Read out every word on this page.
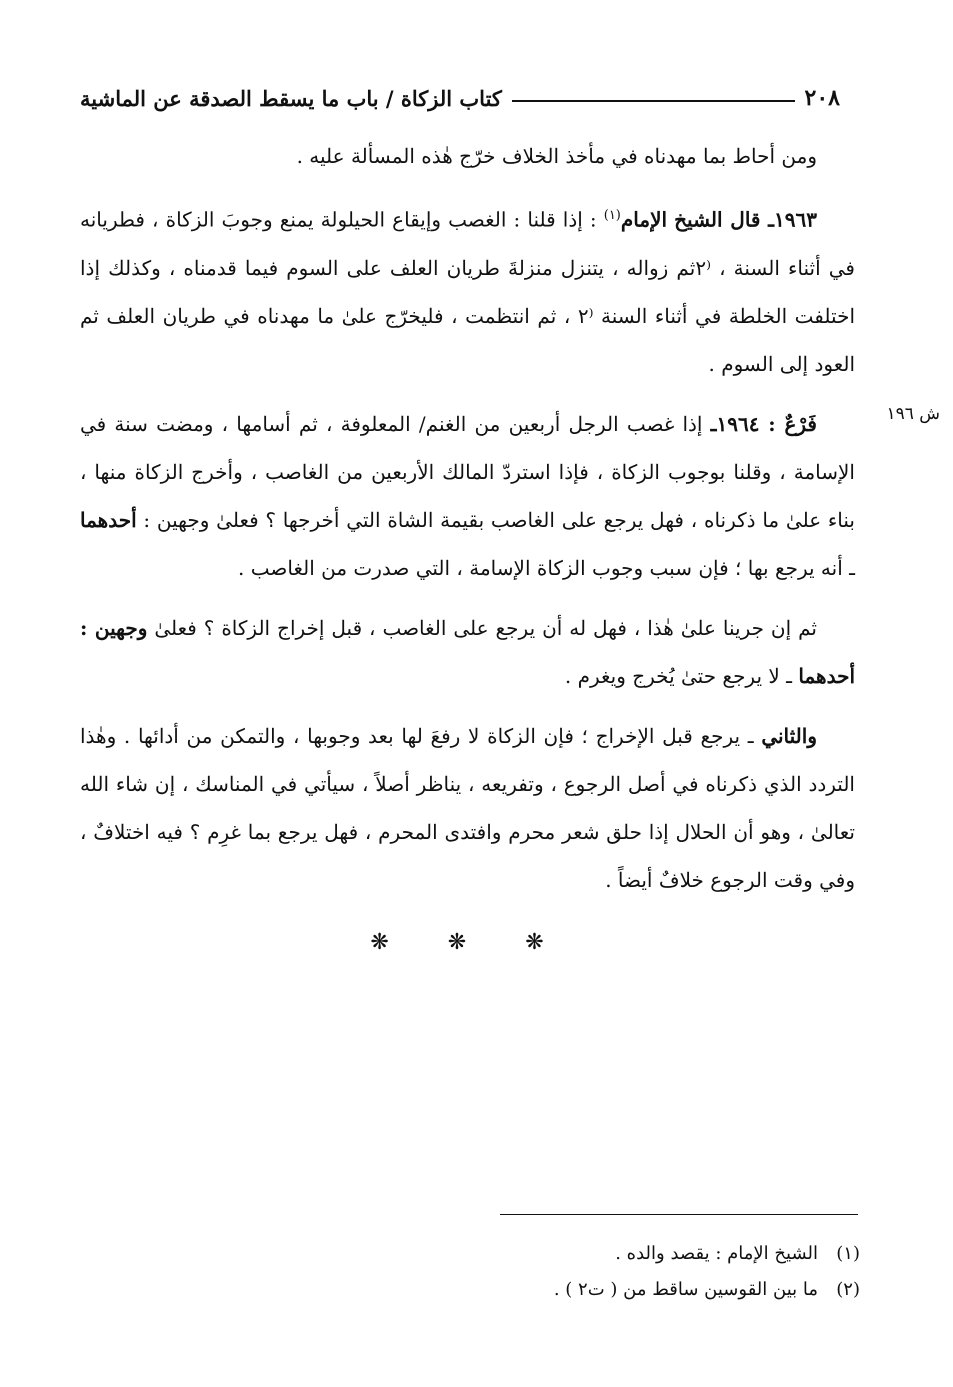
٢٠٨
كتاب الزكاة / باب ما يسقط الصدقة عن الماشية
ش ١٩٦

ومن أحاط بما مهدناه في مأخذ الخلاف خرّج هٰذه المسألة عليه .

١٩٦٣ـ قال الشيخ الإمام$^{(١)}$ : إذا قلنا : الغصب وإيقاع الحيلولة يمنع وجوبَ الزكاة ، فطريانه في أثناء السنة ، ⁽٢ثم زواله ، يتنزل منزلةَ طريان العلف على السوم فيما قدمناه ، وكذلك إذا اختلفت الخلطة في أثناء السنة ⁽٢ ، ثم انتظمت ، فليخرّج علىٰ ما مهدناه في طريان العلف ثم العود إلى السوم .

فَرْعٌ : ١٩٦٤ـ إذا غصب الرجل أربعين من الغنم/ المعلوفة ، ثم أسامها ، ومضت سنة في الإسامة ، وقلنا بوجوب الزكاة ، فإذا استردّ المالك الأربعين من الغاصب ، وأخرج الزكاة منها ، بناء علىٰ ما ذكرناه ، فهل يرجع على الغاصب بقيمة الشاة التي أخرجها ؟ فعلىٰ وجهين : أحدهما ـ أنه يرجع بها ؛ فإن سبب وجوب الزكاة الإسامة ، التي صدرت من الغاصب .

ثم إن جرينا علىٰ هٰذا ، فهل له أن يرجع على الغاصب ، قبل إخراج الزكاة ؟ فعلىٰ وجهين : أحدهما ـ لا يرجع حتىٰ يُخرج ويغرم .

والثاني ـ يرجع قبل الإخراج ؛ فإن الزكاة لا رفعَ لها بعد وجوبها ، والتمكن من أدائها . وهٰذا التردد الذي ذكرناه في أصل الرجوع ، وتفريعه ، يناظر أصلاً ، سيأتي في المناسك ، إن شاء الله تعالىٰ ، وهو أن الحلال إذا حلق شعر محرم وافتدى المحرم ، فهل يرجع بما غرِم ؟ فيه اختلافٌ ، وفي وقت الرجوع خلافٌ أيضاً .

❋ ❋ ❋
(١)الشيخ الإمام : يقصد والده .
(٢)ما بين القوسين ساقط من ( ت٢ ) .
